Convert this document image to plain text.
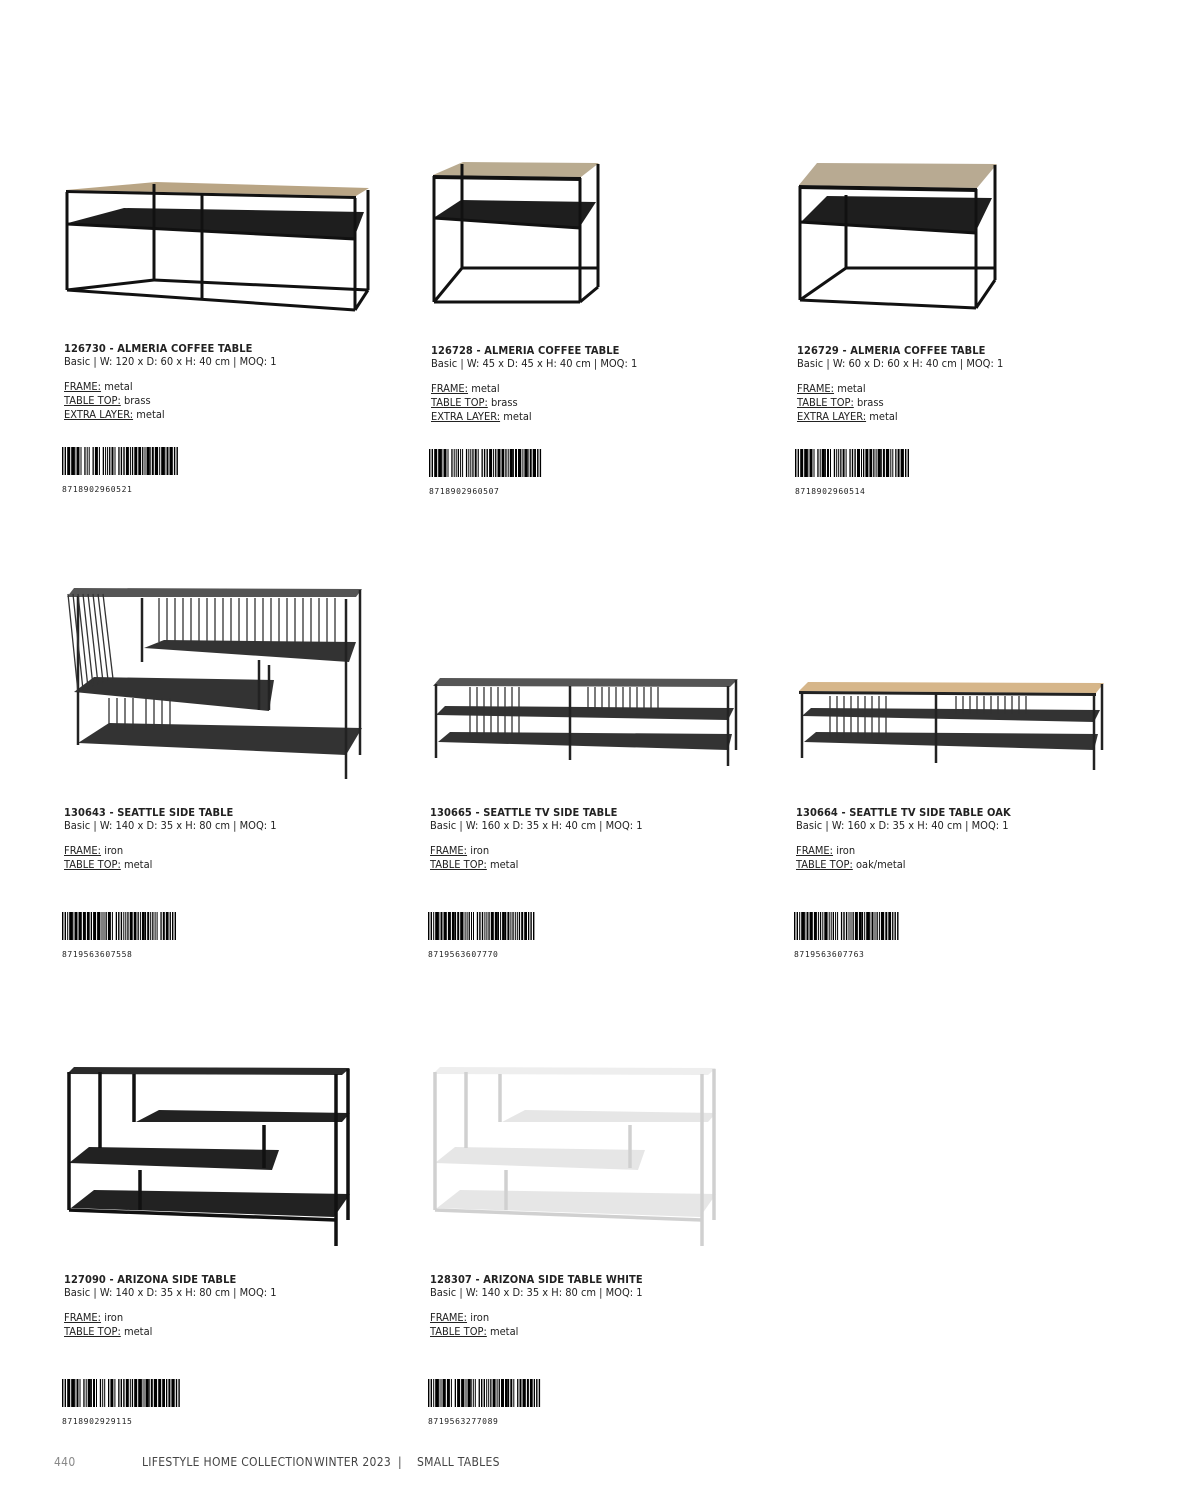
126730 - ALMERIA COFFEE TABLE
Basic | W: 120 x D: 60 x H: 40 cm | MOQ: 1
FRAME: metal
TABLE TOP: brass
EXTRA LAYER: metal
8718902960521
126728 - ALMERIA COFFEE TABLE
Basic | W: 45 x D: 45 x H: 40 cm | MOQ: 1
FRAME: metal
TABLE TOP: brass
EXTRA LAYER: metal
8718902960507
126729 - ALMERIA COFFEE TABLE
Basic | W: 60 x D: 60 x H: 40 cm | MOQ: 1
FRAME: metal
TABLE TOP: brass
EXTRA LAYER: metal
8718902960514
130643 - SEATTLE SIDE TABLE
Basic | W: 140 x D: 35 x H: 80 cm | MOQ: 1
FRAME: iron
TABLE TOP: metal
8719563607558
130665 - SEATTLE TV SIDE TABLE
Basic | W: 160 x D: 35 x H: 40 cm | MOQ: 1
FRAME: iron
TABLE TOP: metal
8719563607770
130664 - SEATTLE TV SIDE TABLE OAK
Basic | W: 160 x D: 35 x H: 40 cm | MOQ: 1
FRAME: iron
TABLE TOP: oak/metal
8719563607763
127090 - ARIZONA SIDE TABLE
Basic | W: 140 x D: 35 x H: 80 cm | MOQ: 1
FRAME: iron
TABLE TOP: metal
8718902929115
128307 - ARIZONA SIDE TABLE WHITE
Basic | W: 140 x D: 35 x H: 80 cm | MOQ: 1
FRAME: iron
TABLE TOP: metal
8719563277089
440	LIFESTYLE HOME COLLECTION WINTER 2023 | SMALL TABLES
